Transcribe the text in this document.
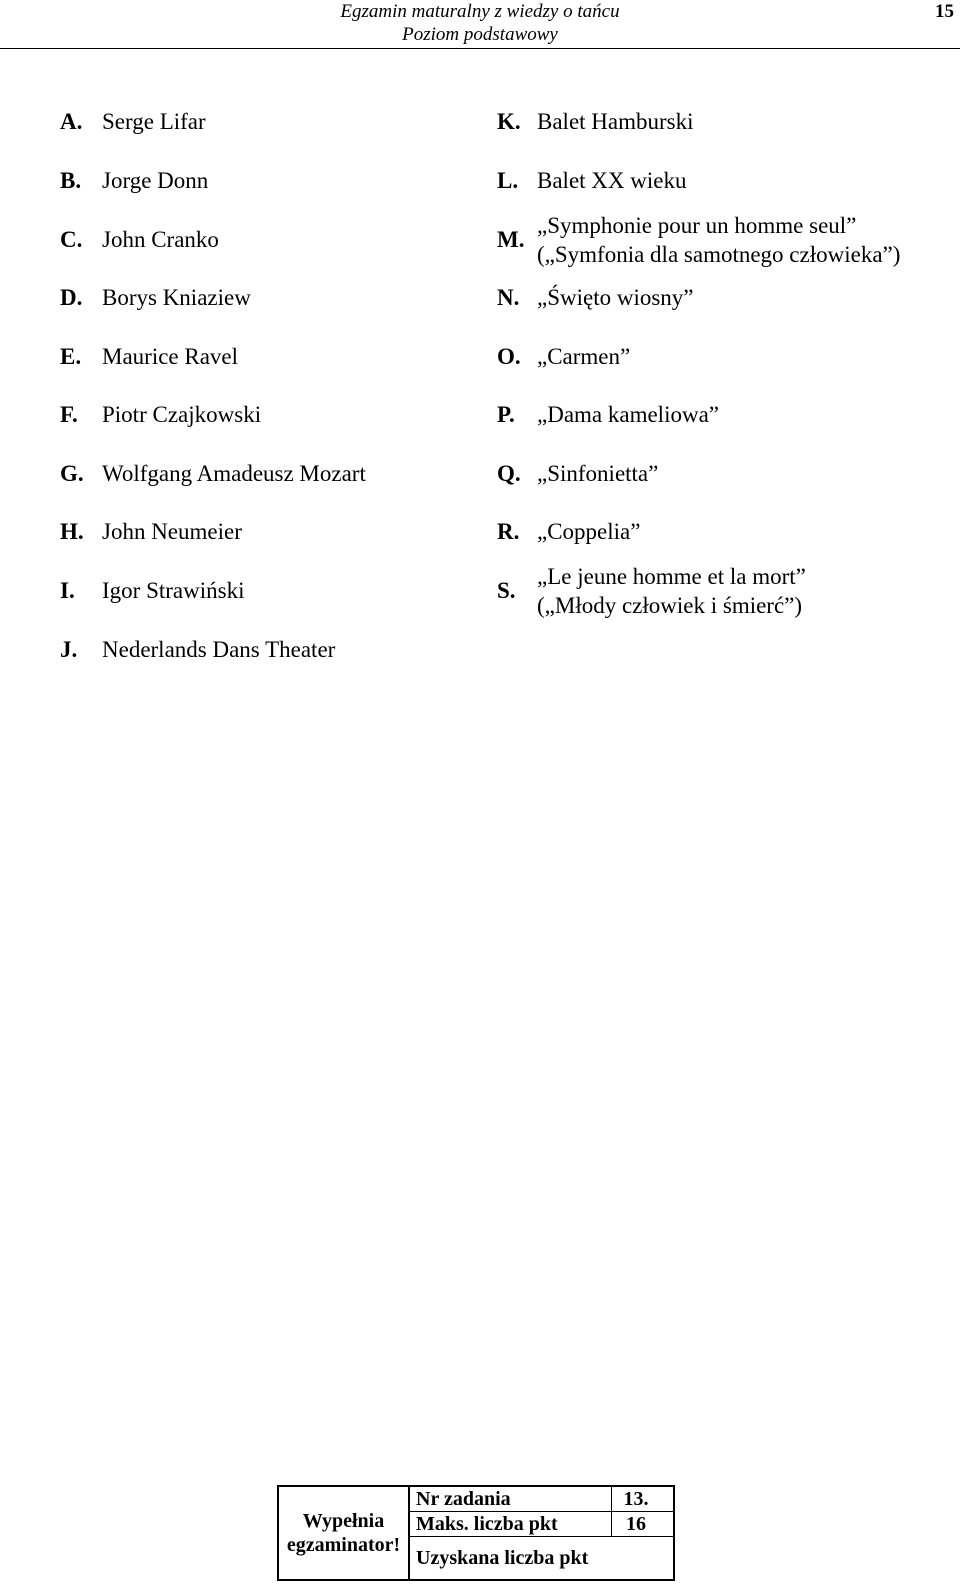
Egzamin maturalny z wiedzy o tańcu
Poziom podstawowy
15
A. Serge Lifar
B. Jorge Donn
C. John Cranko
D. Borys Kniaziew
E. Maurice Ravel
F. Piotr Czajkowski
G. Wolfgang Amadeusz Mozart
H. John Neumeier
I. Igor Strawiński
J. Nederlands Dans Theater
K. Balet Hamburski
L. Balet XX wieku
M.
„Symphonie pour un homme seul”
(„Symfonia dla samotnego człowieka”)
N. „Święto wiosny”
O. „Carmen”
P. „Dama kameliowa”
Q. „Sinfonietta”
R. „Coppelia”
S.
„Le jeune homme et la mort”
(„Młody człowiek i śmierć”)
Wypełnia
egzaminator!
Nr zadania	13.
Maks. liczba pkt	16
Uzyskana liczba pkt
